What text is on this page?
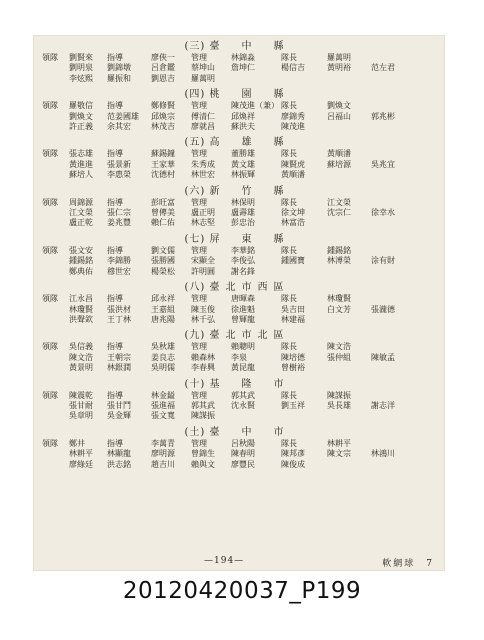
(三) 臺　中　縣
領隊	劉賢來	指導	廖俠一	管理	林錦淼	隊長	羅萬明
劉明泉	劉錦墩	呂倉鑑	蔡坤山	詹坤仁	楊信吉	黃明裕	范左君
李炫熙	羅振和	劉恩吉	羅萬明
(四) 桃　園　縣
領隊	羅敬信	指導	鄭修賢	管理	陳茂進（兼） 隊長	劉煥文
劉煥文	范姜國雄	邱煥宗	傅清仁	邱煥祥	廖錦秀	呂福山	郭兆彬
許正義	余其宏	林茂吉	廖就昌	蘇洪夫	陳茂進
(五) 高　雄　縣
領隊	張志雄	指導	蘇錫鐘	管理	董勝雄	隊長	黃順潘
黃進進	張景新	王家華	朱秀成	黃文雄	陳賢虎	蘇培源	吳兆宜
蘇培人	李惠榮	沈德村	林世宏	林振輝	黃順潘
(六) 新　竹　縣
領隊	周錦源	指導	彭旺富	管理	林保明	隊長	江文榮
江文榮	張仁宗	曾傳美	盧正明	盧壽雄	徐文坤	沈宗仁	徐幸水
盧正乾	姜兆豐	賴仁佑	林志堅	彭忠治	林富浩
(七) 屏　東　縣
領隊	張文安	指導	劉文儒	管理	李華銘	隊長	鍾錫銘
鍾錫銘	李錦勝	張勝國	宋顯全	李俊弘	鍾國寶	林溥榮	涂有財
鄭典佑	穆世宏	楊榮松	許明圓	謝名鋒
(八) 臺北市西區
領隊	江永昌	指導	邱永祥	管理	唐暉森	隊長	林瓊賢
林瓊賢	張洪材	王嘉組	陳玉俊	徐進魁	吳吉田	白文芳	張瀧德
洪聲欽	王丁林	唐兆陽	林千弘	曾輝龍	林建福
(九) 臺北市北區
領隊	吳信義	指導	吳秋雄	管理	賴聰明	隊長	陳文浩
陳文浩	王朝宗	姜良志	賴森林	李泉	陳培德	張仲組	陳敏孟
黃景明	林銀潤	吳明儒	李春興	黃昆龍	曾樹裕
(十) 基　隆　市
領隊	陳震乾	指導	林金鎰	管理	郭其武	隊長	陳謀振
張甘耐	張甘鬥	張進福	郭其武	沈永賢	劉玉祥	吳長雄	謝志洋
吳章明	吳金輝	張文寬	陳謀振
(土) 臺　中　市
領隊	鄭井	指導	李萬青	管理	呂秋陽	隊長	林耕平
林耕平	林顯龍	廖明源	曾錦生	陳春明	陳邦彥	陳文宗	林鴻川
廖綠廷	洪志銘	趙吉川	賴與文	廖豐民	陳俊成
—194—	軟網球　7
20120420037_P199
